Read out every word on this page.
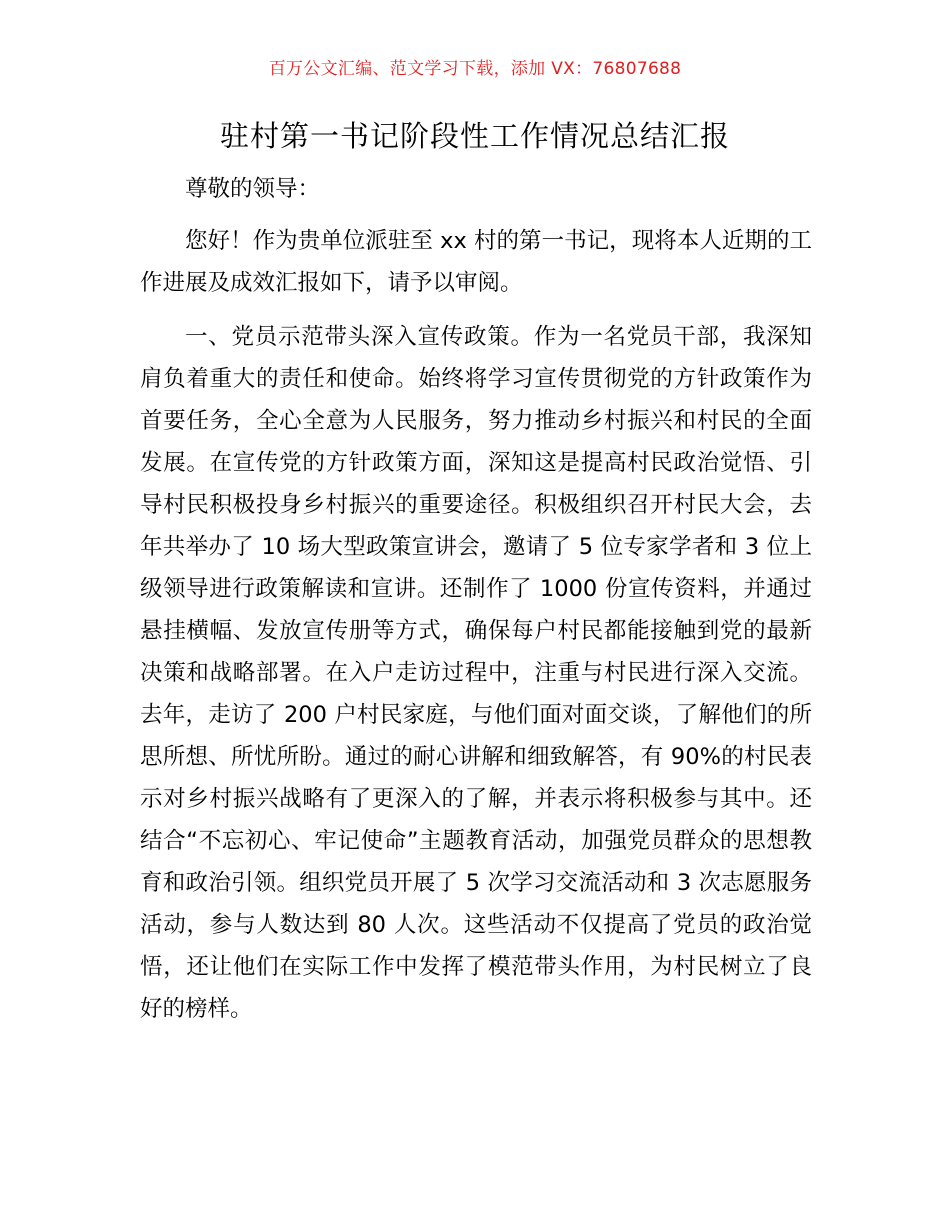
百万公文汇编、范文学习下载，添加 VX：76807688
驻村第一书记阶段性工作情况总结汇报

尊敬的领导：

您好！作为贵单位派驻至 xx 村的第一书记，现将本人近期的工作进展及成效汇报如下，请予以审阅。

一、党员示范带头深入宣传政策。作为一名党员干部，我深知肩负着重大的责任和使命。始终将学习宣传贯彻党的方针政策作为首要任务，全心全意为人民服务，努力推动乡村振兴和村民的全面发展。在宣传党的方针政策方面，深知这是提高村民政治觉悟、引导村民积极投身乡村振兴的重要途径。积极组织召开村民大会，去年共举办了 10 场大型政策宣讲会，邀请了 5 位专家学者和 3 位上级领导进行政策解读和宣讲。还制作了 1000 份宣传资料，并通过悬挂横幅、发放宣传册等方式，确保每户村民都能接触到党的最新决策和战略部署。在入户走访过程中，注重与村民进行深入交流。去年，走访了 200 户村民家庭，与他们面对面交谈，了解他们的所思所想、所忧所盼。通过的耐心讲解和细致解答，有 90%的村民表示对乡村振兴战略有了更深入的了解，并表示将积极参与其中。还结合“不忘初心、牢记使命”主题教育活动，加强党员群众的思想教育和政治引领。组织党员开展了 5 次学习交流活动和 3 次志愿服务活动，参与人数达到 80 人次。这些活动不仅提高了党员的政治觉悟，还让他们在实际工作中发挥了模范带头作用，为村民树立了良好的榜样。
